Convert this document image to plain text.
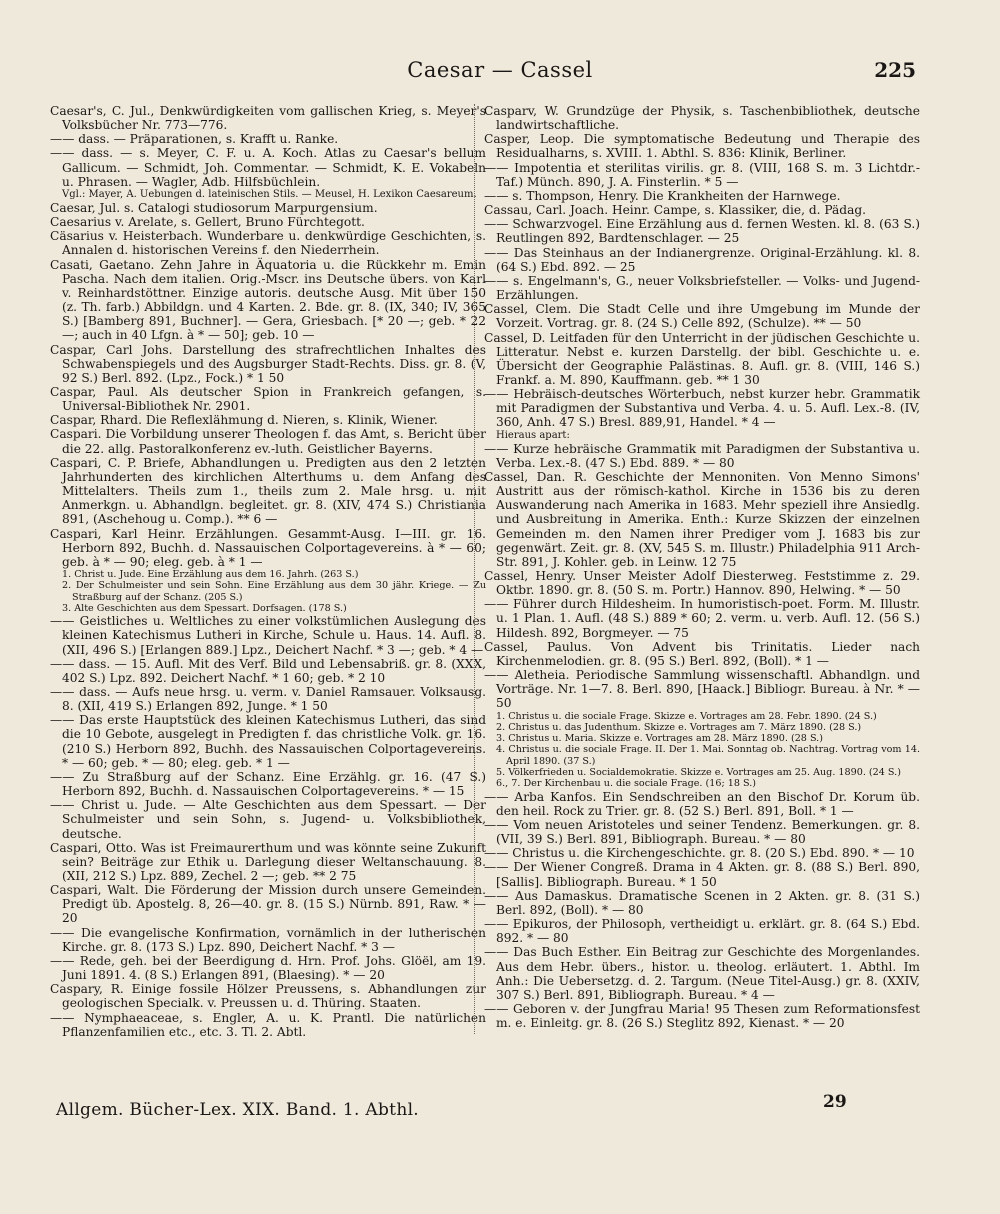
Caesar — Cassel	225

Caesar's, C. Jul., Denkwürdigkeiten vom gallischen Krieg, s. Meyer's Volksbücher Nr. 773—776.

—— dass. — Präparationen, s. Krafft u. Ranke.

—— dass. — s. Meyer, C. F. u. A. Koch. Atlas zu Caesar's bellum Gallicum. — Schmidt, Joh. Commentar. — Schmidt, K. E. Vokabeln u. Phrasen. — Wagler, Adb. Hilfsbüchlein.

Vgl.: Mayer, A. Uebungen d. lateinischen Stils. — Meusel, H. Lexikon Caesareum.

Caesar, Jul. s. Catalogi studiosorum Marpurgensium.

Caesarius v. Arelate, s. Gellert, Bruno Fürchtegott.

Cäsarius v. Heisterbach. Wunderbare u. denkwürdige Geschichten, s. Annalen d. historischen Vereins f. den Niederrhein.

Casati, Gaetano. Zehn Jahre in Äquatoria u. die Rückkehr m. Emin Pascha. Nach dem italien. Orig.-Mscr. ins Deutsche übers. von Karl v. Reinhardstöttner. Einzige autoris. deutsche Ausg. Mit über 150 (z. Th. farb.) Abbildgn. und 4 Karten. 2. Bde. gr. 8. (IX, 340; IV, 365 S.) [Bamberg 891, Buchner]. — Gera, Griesbach. [* 20 —; geb. * 22 —; auch in 40 Lfgn. à * — 50]; geb. 10 —

Caspar, Carl Johs. Darstellung des strafrechtlichen Inhaltes des Schwabenspiegels und des Augsburger Stadt-Rechts. Diss. gr. 8. (V, 92 S.) Berl. 892. (Lpz., Fock.) * 1 50

Caspar, Paul. Als deutscher Spion in Frankreich gefangen, s. Universal-Bibliothek Nr. 2901.

Caspar, Rhard. Die Reflexlähmung d. Nieren, s. Klinik, Wiener.

Caspari. Die Vorbildung unserer Theologen f. das Amt, s. Bericht über die 22. allg. Pastoralkonferenz ev.-luth. Geistlicher Bayerns.

Caspari, C. P. Briefe, Abhandlungen u. Predigten aus den 2 letzten Jahrhunderten des kirchlichen Alterthums u. dem Anfang des Mittelalters. Theils zum 1., theils zum 2. Male hrsg. u. mit Anmerkgn. u. Abhandlgn. begleitet. gr. 8. (XIV, 474 S.) Christiania 891, (Aschehoug u. Comp.). ** 6 —

Caspari, Karl Heinr. Erzählungen. Gesammt-Ausg. I—III. gr. 16. Herborn 892, Buchh. d. Nassauischen Colportagevereins. à * — 60; geb. à * — 90; eleg. geb. à * 1 —

1. Christ u. Jude. Eine Erzählung aus dem 16. Jahrh. (263 S.)

2. Der Schulmeister und sein Sohn. Eine Erzählung aus dem 30 jähr. Kriege. — Zu Straßburg auf der Schanz. (205 S.)

3. Alte Geschichten aus dem Spessart. Dorfsagen. (178 S.)

—— Geistliches u. Weltliches zu einer volkstümlichen Auslegung des kleinen Katechismus Lutheri in Kirche, Schule u. Haus. 14. Aufl. 8. (XII, 496 S.) [Erlangen 889.] Lpz., Deichert Nachf. * 3 —; geb. * 4 —

—— dass. — 15. Aufl. Mit des Verf. Bild und Lebensabriß. gr. 8. (XXX, 402 S.) Lpz. 892. Deichert Nachf. * 1 60; geb. * 2 10

—— dass. — Aufs neue hrsg. u. verm. v. Daniel Ramsauer. Volksausg. 8. (XII, 419 S.) Erlangen 892, Junge. * 1 50

—— Das erste Hauptstück des kleinen Katechismus Lutheri, das sind die 10 Gebote, ausgelegt in Predigten f. das christliche Volk. gr. 16. (210 S.) Herborn 892, Buchh. des Nassauischen Colportagevereins. * — 60; geb. * — 80; eleg. geb. * 1 —

—— Zu Straßburg auf der Schanz. Eine Erzählg. gr. 16. (47 S.) Herborn 892, Buchh. d. Nassauischen Colportagevereins. * — 15

—— Christ u. Jude. — Alte Geschichten aus dem Spessart. — Der Schulmeister und sein Sohn, s. Jugend- u. Volksbibliothek, deutsche.

Caspari, Otto. Was ist Freimaurerthum und was könnte seine Zukunft sein? Beiträge zur Ethik u. Darlegung dieser Weltanschauung. 8. (XII, 212 S.) Lpz. 889, Zechel. 2 —; geb. ** 2 75

Caspari, Walt. Die Förderung der Mission durch unsere Gemeinden. Predigt üb. Apostelg. 8, 26—40. gr. 8. (15 S.) Nürnb. 891, Raw. * — 20

—— Die evangelische Konfirmation, vornämlich in der lutherischen Kirche. gr. 8. (173 S.) Lpz. 890, Deichert Nachf. * 3 —

—— Rede, geh. bei der Beerdigung d. Hrn. Prof. Johs. Glöël, am 19. Juni 1891. 4. (8 S.) Erlangen 891, (Blaesing). * — 20

Caspary, R. Einige fossile Hölzer Preussens, s. Abhandlungen zur geologischen Specialk. v. Preussen u. d. Thüring. Staaten.

—— Nymphaeaceae, s. Engler, A. u. K. Prantl. Die natürlichen Pflanzenfamilien etc., etc. 3. Tl. 2. Abtl.

Casparv, W. Grundzüge der Physik, s. Taschenbibliothek, deutsche landwirtschaftliche.

Casper, Leop. Die symptomatische Bedeutung und Therapie des Residualharns, s. XVIII. 1. Abthl. S. 836: Klinik, Berliner.

—— Impotentia et sterilitas virilis. gr. 8. (VIII, 168 S. m. 3 Lichtdr.-Taf.) Münch. 890, J. A. Finsterlin. * 5 —

—— s. Thompson, Henry. Die Krankheiten der Harnwege.

Cassau, Carl. Joach. Heinr. Campe, s. Klassiker, die, d. Pädag.

—— Schwarzvogel. Eine Erzählung aus d. fernen Westen. kl. 8. (63 S.) Reutlingen 892, Bardtenschlager. — 25

—— Das Steinhaus an der Indianergrenze. Original-Erzählung. kl. 8. (64 S.) Ebd. 892. — 25

—— s. Engelmann's, G., neuer Volksbriefsteller. — Volks- und Jugend-Erzählungen.

Cassel, Clem. Die Stadt Celle und ihre Umgebung im Munde der Vorzeit. Vortrag. gr. 8. (24 S.) Celle 892, (Schulze). ** — 50

Cassel, D. Leitfaden für den Unterricht in der jüdischen Geschichte u. Litteratur. Nebst e. kurzen Darstellg. der bibl. Geschichte u. e. Übersicht der Geographie Palästinas. 8. Aufl. gr. 8. (VIII, 146 S.) Frankf. a. M. 890, Kauffmann. geb. ** 1 30

—— Hebräisch-deutsches Wörterbuch, nebst kurzer hebr. Grammatik mit Paradigmen der Substantiva und Verba. 4. u. 5. Aufl. Lex.-8. (IV, 360, Anh. 47 S.) Bresl. 889,91, Handel. * 4 —

Hieraus apart:

—— Kurze hebräische Grammatik mit Paradigmen der Substantiva u. Verba. Lex.-8. (47 S.) Ebd. 889. * — 80

Cassel, Dan. R. Geschichte der Mennoniten. Von Menno Simons' Austritt aus der römisch-kathol. Kirche in 1536 bis zu deren Auswanderung nach Amerika in 1683. Mehr speziell ihre Ansiedlg. und Ausbreitung in Amerika. Enth.: Kurze Skizzen der einzelnen Gemeinden m. den Namen ihrer Prediger vom J. 1683 bis zur gegenwärt. Zeit. gr. 8. (XV, 545 S. m. Illustr.) Philadelphia 911 Arch-Str. 891, J. Kohler. geb. in Leinw. 12 75

Cassel, Henry. Unser Meister Adolf Diesterweg. Feststimme z. 29. Oktbr. 1890. gr. 8. (50 S. m. Portr.) Hannov. 890, Helwing. * — 50

—— Führer durch Hildesheim. In humoristisch-poet. Form. M. Illustr. u. 1 Plan. 1. Aufl. (48 S.) 889 * 60; 2. verm. u. verb. Aufl. 12. (56 S.) Hildesh. 892, Borgmeyer. — 75

Cassel, Paulus. Von Advent bis Trinitatis. Lieder nach Kirchenmelodien. gr. 8. (95 S.) Berl. 892, (Boll). * 1 —

—— Aletheia. Periodische Sammlung wissenschaftl. Abhandlgn. und Vorträge. Nr. 1—7. 8. Berl. 890, [Haack.] Bibliogr. Bureau. à Nr. * — 50

1. Christus u. die sociale Frage. Skizze e. Vortrages am 28. Febr. 1890. (24 S.)

2. Christus u. das Judenthum. Skizze e. Vortrages am 7. März 1890. (28 S.)

3. Christus u. Maria. Skizze e. Vortrages am 28. März 1890. (28 S.)

4. Christus u. die sociale Frage. II. Der 1. Mai. Sonntag ob. Nachtrag. Vortrag vom 14. April 1890. (37 S.)

5. Völkerfrieden u. Socialdemokratie. Skizze e. Vortrages am 25. Aug. 1890. (24 S.)

6., 7. Der Kirchenbau u. die sociale Frage. (16; 18 S.)

—— Arba Kanfos. Ein Sendschreiben an den Bischof Dr. Korum üb. den heil. Rock zu Trier. gr. 8. (52 S.) Berl. 891, Boll. * 1 —

—— Vom neuen Aristoteles und seiner Tendenz. Bemerkungen. gr. 8. (VII, 39 S.) Berl. 891, Bibliograph. Bureau. * — 80

—— Christus u. die Kirchengeschichte. gr. 8. (20 S.) Ebd. 890. * — 10

—— Der Wiener Congreß. Drama in 4 Akten. gr. 8. (88 S.) Berl. 890, [Sallis]. Bibliograph. Bureau. * 1 50

—— Aus Damaskus. Dramatische Scenen in 2 Akten. gr. 8. (31 S.) Berl. 892, (Boll). * — 80

—— Epikuros, der Philosoph, vertheidigt u. erklärt. gr. 8. (64 S.) Ebd. 892. * — 80

—— Das Buch Esther. Ein Beitrag zur Geschichte des Morgenlandes. Aus dem Hebr. übers., histor. u. theolog. erläutert. 1. Abthl. Im Anh.: Die Uebersetzg. d. 2. Targum. (Neue Titel-Ausg.) gr. 8. (XXIV, 307 S.) Berl. 891, Bibliograph. Bureau. * 4 —

—— Geboren v. der Jungfrau Maria! 95 Thesen zum Reformationsfest m. e. Einleitg. gr. 8. (26 S.) Steglitz 892, Kienast. * — 20

Allgem. Bücher-Lex. XIX. Band. 1. Abthl.	29
